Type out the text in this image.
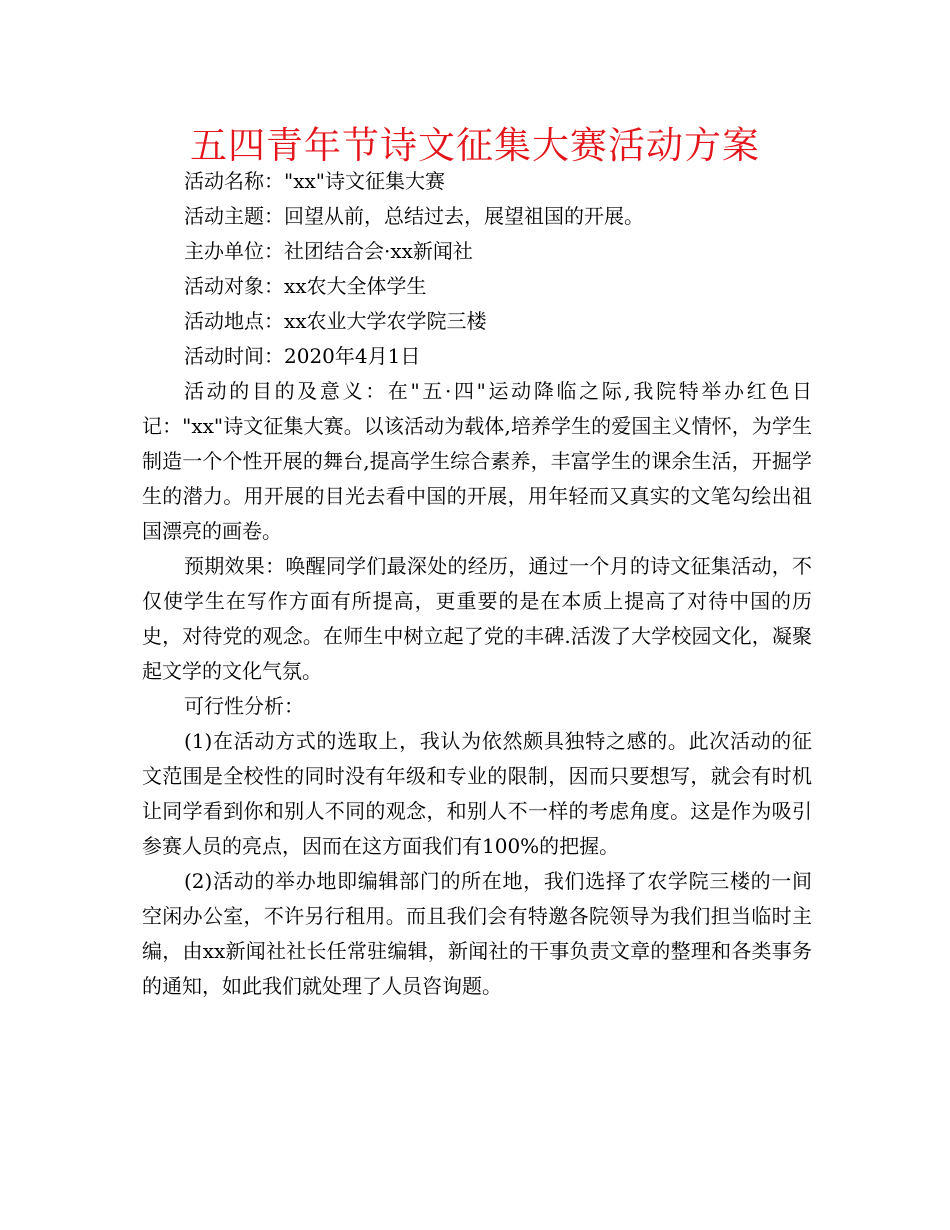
五四青年节诗文征集大赛活动方案

活动名称："xx"诗文征集大赛

活动主题：回望从前，总结过去，展望祖国的开展。

主办单位：社团结合会·xx新闻社

活动对象：xx农大全体学生

活动地点：xx农业大学农学院三楼

活动时间：2020年4月1日

活动的目的及意义：在"五·四"运动降临之际,我院特举办红色日记："xx"诗文征集大赛。以该活动为载体,培养学生的爱国主义情怀，为学生制造一个个性开展的舞台,提高学生综合素养，丰富学生的课余生活，开掘学生的潜力。用开展的目光去看中国的开展，用年轻而又真实的文笔勾绘出祖国漂亮的画卷。

预期效果：唤醒同学们最深处的经历，通过一个月的诗文征集活动，不仅使学生在写作方面有所提高，更重要的是在本质上提高了对待中国的历史，对待党的观念。在师生中树立起了党的丰碑.活泼了大学校园文化，凝聚起文学的文化气氛。

可行性分析：

(1)在活动方式的选取上，我认为依然颇具独特之感的。此次活动的征文范围是全校性的同时没有年级和专业的限制，因而只要想写，就会有时机让同学看到你和别人不同的观念，和别人不一样的考虑角度。这是作为吸引参赛人员的亮点，因而在这方面我们有100%的把握。

(2)活动的举办地即编辑部门的所在地，我们选择了农学院三楼的一间空闲办公室，不许另行租用。而且我们会有特邀各院领导为我们担当临时主编，由xx新闻社社长任常驻编辑，新闻社的干事负责文章的整理和各类事务的通知，如此我们就处理了人员咨询题。
